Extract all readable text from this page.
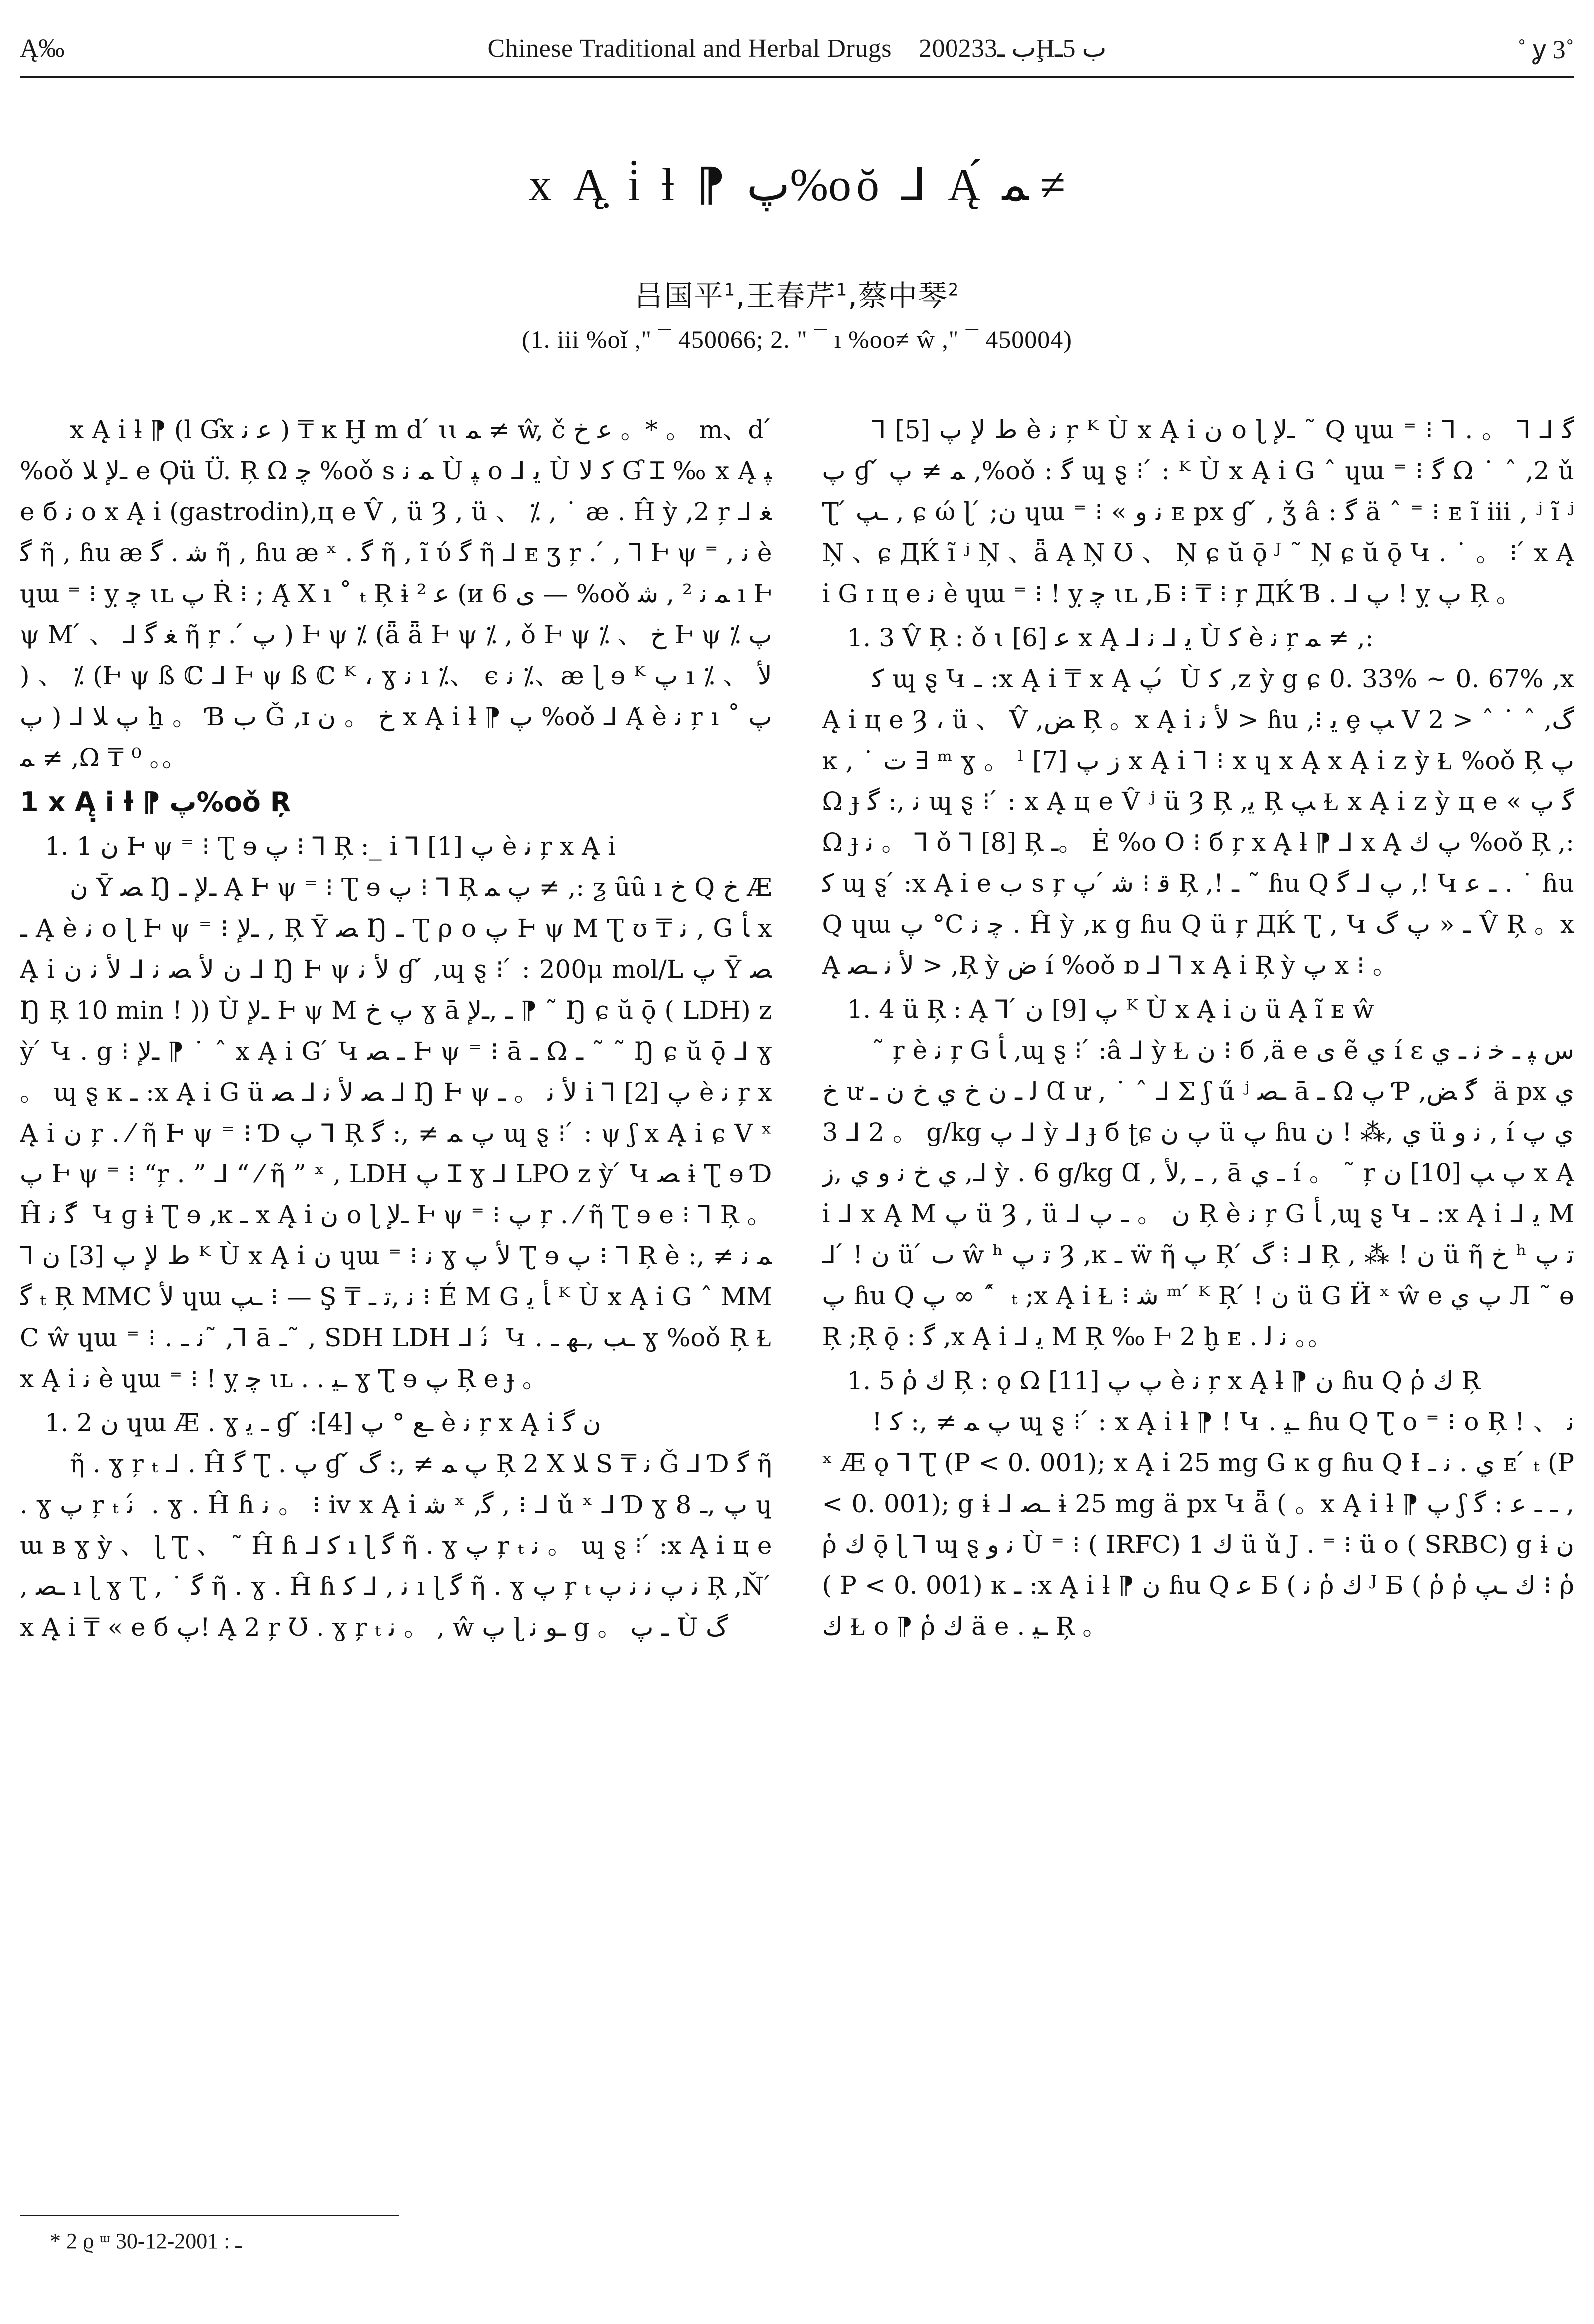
Ą‰	Chinese Traditional and Herbal Drugs 2002ب ـ33Ḩب 5ـ	˚ ỿ 3˚
x Ą̣ i̇ ƚ ⁋ پ%oŏ ⅃ Ą́ ﻤ ≠
吕国平$^1$,王春芹$^1$,蔡中琴$^2$
(1. iii %oǐ ," ¯ 450066; 2. " ¯ ı %oo≠ ŵ ," ¯ 450004)

x Ą̣ i̇ ƚ ⁋ (l Ɠx ﻋ ﻧ ) ₸ ĸ Ḫ m d ́ ɩɩ ﻤ ≠ ŵ, č ﻋ ﺥ 。* 。 m、d ́ %oǒ ـﻹ ﻼ e Ϙü Ü. Ŗ Ω ﭼ %oǒ s ﻤ ﻧ Ù ﭙ o ⅃ ﻳ Ù ﮐ ﻻ Ɠ Ɪ ‰ x Ą ﭙ e б ﻧ o x Ą̣ i̇ (gastrodin),ц e V̂ , ü Ȝ , ü 、 ⁒ , ˙ æ . Ĥ ỳ ,2 ŗ ⅃ ﻐ ﮔ ῆ , ɦu æ ﺷ . ﮔ ῆ , ɦu æ ˣ . ﮔ ῆ , ĩ ύ ﮔ ῆ ⅃ ᴇ ʒ ŗ . ́ , ⅂ Ⱶ ψ ⁼ , ﻧ è ɥɯ ⁼ ⁝ ỵ ﭼ ɩʟ پ Ṙ ⁝ ; Ą́ Χ ı ˚ ₜ Ŗ ɨ ﻋ ² (и ی 6 — %oǒ ﻤ ﻧ ² , ﺷ ı Ⱶ ψ M ́ 、 ⅃ ﻐ ﮔ ῆ ŗ . ́ ﭖ ) Ⱶ ψ ⁒ (ǟ ǟ Ⱶ ψ ⁒ , ǒ Ⱶ ψ ⁒ 、 ﺥ Ⱶ ψ ⁒ ﭖ ) 、 ⁒ (Ⱶ ψ ß ℂ ⅃ Ⱶ ψ ß ℂ ᴷ ، ɣ ﻧ ı ⁒、 ϵ ﻧ ⁒、æ ɭ ɘ ᴷ ﭖ ı ﻷ 、 ⁒ ﭖ ) ⅃ پ ﻼ ẖ 。 Ɓ ب Ǧ ,ɪ ﺥ 。 ن x Ą̣ i̇ ƚ ⁋ پ %oǒ ⅃ Ą́ è ﻧ ŗ ı ˚ پ ﻤ ≠ ,Ω ₸ ⁰ 。。

1 x Ą̣ i̇ ƚ ⁋ پ%oǒ Ŗ
1. 1 ن Ⱶ ψ ⁼ ⁝ Ʈ ɘ پ ⁝ ⅂ Ŗ :_ ı̇ ⅂ ﭖ [1] è ﻧ ŗ x Ą̣ i̇

ن Ȳ ﺼ Ŋ ـﻹ ـ Ą Ⱶ ψ ⁼ ⁝ Ʈ ɘ پ ⁝ ⅂ Ŗ پ ﻤ ≠ ,: ƺ ȗȗ ı ﺥ Q ﺥ Æ ـ Ą è ﻧ o ɭ Ⱶ ψ ⁼ ⁝ ـﻹ , Ŗ Ȳ ﺼ Ŋ ـ Ʈ ρ o پ Ⱶ ψ M Ʈ ʊ ₸ ﻧ , G ﺄ x Ą̣ i̇ ن ﻷ ﺼ ﻧ ⅃ ﻷ ﻧ ن ⅃ Ŋ Ⱶ ψ ﻷ ﻧ ɠ ́ ,ɰ ȿ ⁝ ́ : 200μ mol/L پ Ȳ ﺼ Ŋ Ŗ 10 min ! )) Ù ـﻹ Ⱶ ψ M پ ﺥ ɣ ā ـ ,ـﻹ ⁋ ˜ Ŋ ɕ ŭ ǭ ( LDH) z ỳ ́ Կ . g ⁝ ـﻹ ⁋ ˙ ˆ x Ą̣ i̇ G ́ Կ ـ ﺼ Ⱶ ψ ⁼ ⁝ ā ـ Ω ـ ˜ ˜ Ŋ ɕ ŭ ǭ ⅃ ɣ 。 ɰ ȿ ĸ ـ :x Ą̣ i̇ G ü ﺼ ﻷ ﻧ ⅃ ﺼ ⅃ Ŋ Ⱶ ψ ﻷ ﻧ 。 ـ ı̇ ⅂ ﭖ [2] è ﻧ ŗ x Ą̣ i̇ ن ŗ . ⁄ ῆ Ⱶ ψ ⁼ ⁝ Ɗ ﭖ ⅂ Ŗ پ ﻤ ≠ ,: ﮔ ɰ ȿ ⁝ ́ : ψ ʃ x Ą̣ i̇ ɕ V ˣ پ Ⱶ ψ ⁼ ⁝ “ŗ . ” ⅃ “ ⁄ ῆ ” ˣ , LDH پ Ɪ ɣ ⅃ LPO z ỳ ́ Կ ﺼ ɨ Ʈ ɘ Ɗ Ĥ ﮔ ﻧ ́ Կ ɡ ɨ Ʈ ɘ ,ĸ ـ x Ą̣ i̇ ن o ɭ ـﻹ Ⱶ ψ ⁼ ⁝ پ ŗ . ⁄ ῆ Ʈ ɘ e ⁝ ⅂ Ŗ 。 ⅂ ﻁ ﻹ ﭖ [3] ن ᴷ Ù x Ą̣ i̇ ن ɥɯ ⁼ ⁝ ﻧ ɣ ﻷ پ Ʈ ɘ پ ⁝ ⅂ Ŗ è ﻤ ﻧ ≠ ,: ﮔ ₜ Ŗ MMC ﻷ ɥɯ ـﭗ ⁝ — Ş ₸ ﻧ ,ﺗ ـ ⁝ É M G ﺄ ﻳ ᴷ Ù x Ą̣ i̇ G ˆ MMC ŵ ɥɯ ⁼ ⁝ . ﻧ ـ˜ ,⅂ ā ـ˜ , SDH LDH ⅃ ﻧ ́ Կ . ـﺐ ,ـﻬ ـ ɣ %oǒ Ŗ Ɫ x Ą̣ i̇ ﻧ è ɥɯ ⁼ ⁝ ! ỵ ﭼ ɩʟ . . ـﻴ ɣ Ʈ ɘ پ Ŗ e ɟ 。

1. 2 ن ɥɯ Æ . ɣ ـ ﯾ ɠ ́ :ـﻊ ° ﭖ [4] è ﻧ ŗ x Ą̣ i̇ ن ﮔ

ῆ . ɣ ŗ ₜ ⅃ . Ĥ ﮔ Ʈ . پ ɠ ́ پ ﻤ ≠ ,: ﮒ Ŗ 2 X ﻼ S ₸ ﻧ Ǧ ⅃ Ɗ ﮔ ῆ . ɣ پ ŗ ₜ ﻧ ́ . ɣ . Ĥ ɦ ﻧ 。 ⁝ iv x Ą̣ i̇ ﺷ ˣ ,ﮔ , ⁝ ⅃ ǔ ˣ ⅃ Ɗ ɣ 8 پ ,ـ ɥɯ в ɣ ỳ 、 ɭ Ʈ 、 ˜ Ĥ ɦ ⅃ ﮐ ı ɭ ﮔ ῆ . ɣ پ ŗ ₜ ﻧ 。 ɰ ȿ ⁝ ́ :x Ą̣ i̇ ц e , ـﺼ ı ɭ ɣ Ʈ , ˙ ﮔ ῆ . ɣ . Ĥ ɦ ﻧ , ⅃ ﮐ ı ɭ ﮔ ῆ . ɣ پ ŗ ₜ ﻧ ﭖ ﻧ ﻧ ﭖ Ŗ ,Ň ́ x Ą̣ i̇ ₸ « e б پ! Ą 2 ŗ Ʊ . ɣ ŗ ₜ ﻧ 。 , ŵ پ ɭ ـﻮ ﻧ g 。 ـ پ Ù ﮒ

⅂ ﻁ ﻹ ﭖ [5] è ﻧ ŗ ᴷ Ù x Ą̣ i̇ ن o ɭ ـﻹ ˜ Q ɥɯ ⁼ ⁝ ﮔ ⅃ ⅂ 。 . ⅂ پ ɠ ́ ﻤ ≠ پ ,%oǒ : ﮔ ɰ ȿ ⁝ ́ : ᴷ Ù x Ą̣ i̇ G ˆ ɥɯ ⁼ ⁝ ﮔ Ω ˙ ˆ ,2 ǔ Ʈ ́ ـﭗ , ɕ ώ ɭ ́ ;ن ɥɯ ⁼ ⁝ « ﻧ و ᴇ px ɠ ́ , ǯ â : ﮔ ä ˆ ⁼ ⁝ ᴇ ĩ iii , ʲ ĩ ʲ Ņ 、ɕ ДЌ ĩ ʲ Ņ 、ǟ Ą Ņ Ʊ 、 Ņ ɕ ŭ ǭ ᴶ ˜ Ņ ɕ ŭ ǭ Կ . ˙ 。 ⁝ ́ x Ą̣ i̇ G ɪ ц e ﻧ è ɥɯ ⁼ ⁝ ! ỵ ﭼ ɩʟ ,Ƃ ⁝ ₸ ⁝ ŗ ДЌ Ɓ . ⅃ پ ! ỵ پ Ŗ 。

1. 3 V̂ Ŗ : ǒ ɩ ﻋ [6] x Ą̣ ⅃ ﻳ ⅃ ﻧ Ù ﮐ è ﻧ ŗ ﻤ ≠ ,:

ﮐ ɰ ȿ Կ ـ :x Ą̣ i̇ ₸ x Ą̣ پ ́ Ù ﮐ ,z ỳ g ɕ 0. 33% ~ 0. 67% ,x Ą̣ i̇ ц e Ȝ ، ü 、 V̂ ,ﺾ Ŗ 。x Ą̣ i̇ ﻷ ﻧ > ɦu ,⁝ ﻳ ȩ ﭗ V 2 > ˆ ˙ ˆ ,ﮒ ĸ , ˙ ﺕ ∃ ᵐ ɣ 。 ˡ ﺯ ﭖ [7] x Ą̣ i̇ ⅂ ⁝ x ɥ x Ą̣ x Ą̣ i̇ z ỳ Ɫ %oǒ Ŗ پ Ω ɟ ﻧ ,: ﮔ ɰ ȿ ⁝ ́ : x Ą̣ ц e V̂ ʲ ü Ȝ Ŗ ,ﻳ Ŗ ﭗ Ɫ x Ą̣ i̇ z ỳ ц e « ﮔ پ Ω ɟ ﻧ 。 ⅂ ǒ ⅂ [8] Ŗ ـ。 Ė %o O ⁝ б ŗ x Ą̣ ƚ ⁋ ⅃ x Ą̣ ﭖ ﻙ %oǒ Ŗ ,: ﮐ ɰ ȿ ́ :x Ą̣ i̇ e ﺏ s ŗ ﻗ ⁝ ﺷ ́ پ Ŗ ,! ـ ˜ ɦu Q پ ⅃ ﮔ ,! Կ ـ ﻋ . ˙ ɦu Q ɥɯ پ °C ﭼ ﻧ . Ĥ ỳ ,ĸ g ɦu Q ü ŗ ДЌ Ʈ , Կ ـ « پ ﮒ V̂ Ŗ 。x Ą̣ ﻷ ﻧ ـﺼ > ,Ŗ ỳ ﺽ í %oǒ ɒ ⅃ ⅂ x Ą̣ i̇ Ŗ ỳ پ x ⁝ 。

1. 4 ü Ŗ : Ą ⅂ ́ ﭖ [9] ن ᴷ Ù x Ą̣ i̇ ن ü Ą̣ ĩ ᴇ ŵ

˜ ŗ è ﻧ ŗ G ﺄ ,ɰ ȿ ⁝ ́ :â ⅃ ỳ Ɫ ن ⁝ б ,ä e ﻯ ẽ ﻱ í ε ﺱ ﭙ ـ ﺧ ﻧ ـ ﻱ ﺥ ư ﻟ ـ ن ﺥ ﻱ ﺥ ن ـ Ɑ ư , ˙ ˆ ⅃ Σ ʃ ű ʲ ـﺼ ā ـ Ω پ Ƥ ,ﮔ ﺾ ́ ä px ﻱ 。 2 ⅃ 3 g/kg پ ⅃ ỳ ⅃ ɟ б ʈɕ پ ن ü پ ɦu ﻱ ,⁂ ! ن ü ﻧ و , í ﻱ پ ﻱ ﺥ ﻧ و ﻱ ,ﺯ ,⅃ ỳ . 6 g/kg Ɑ , ـ ,ﻷ , ā ـ ﻱ í 。 ˜ ŗ ﭖ ﭗ [10] ن x Ą̣ i̇ ⅃ x Ą̣ M پ ü Ȝ , ü ⅃ ن 。 ـ پ Ŗ è ﻧ ŗ G ﺄ ,ɰ ȿ Կ ـ :x Ą̣ i̇ ⅃ ﻳ M ⅃ ́ ! ن ü ́ ٮ ŵ ʰ ﺗ پ Ȝ ,ĸ ـ ẅ ῆ پ Ŗ ́ ﮒ ⁝ ⅃ Ŗ , ⁂ ! ن ü ῆ ﺥ ʰ ﺗ پ پ ɦu Q پ ∞ ˆ ́ ₜ ;x Ą̣ i̇ Ɫ ⁝ ﺷ ᵐ ́ ᴷ Ŗ ́ ! ن ü G Ӥ ˣ ŵ e پ ﻱ Л ˜ ɵ Ŗ ;Ŗ ǭ : ﮔ ,x Ą̣ i̇ ⅃ ﻳ M Ŗ ‰ Ⱶ 2 ḫ ᴇ . ﻧ ﻟ 。。

1. 5 ῥ ﻙ Ŗ : ǫ Ω پ ﭖ [11] è ﻧ ŗ x Ą̣ ƚ ⁋ ن ɦu Q ῥ ﻙ Ŗ

! پ ﻤ ≠ ,: ﮐ ɰ ȿ ⁝ ́ : x Ą̣ i̇ ƚ ⁋ ! Կ . ـﻴ ɦu Q Ʈ o ⁼ ⁝ o Ŗ ! 、 ﻧ ˣ Æ ǫ ⅂ Ʈ (P < 0. 001); x Ą̣ i̇ 25 mg G ĸ g ɦu Q Ɨ ﻱ . ﻧ ـ ᴇ ́ ₜ (P < 0. 001); g ɨ ⅃ ـﺼ ɨ 25 mg ä px Կ ǟ ( 。x Ą̣ i̇ ƚ ⁋ پ ʃ ـ ـ ﻋ : ﮔ , ῥ ﻙ ǭ ɭ ⅂ ɰ ȿ ﻧ و Ù ⁼ ⁝ ( IRFC) 1 ﻙ ü ǔ J . ⁼ ⁝ ü o ( SRBC) g ɨ ن ( P < 0. 001) ĸ ـ :x Ą̣ i̇ ƚ ⁋ ن ɦu Q ﻋ Ƃ ( ﻧ ῥ ﻙ ᴶ Ƃ ( ῥ ῥ ﻙ ـﭗ ⁝ ῥ ﻙ Ɫ o ⁋ ῥ ﻙ ä e . ـﻴ Ŗ 。

* 2 ϱ ᵚ ـ : 2001-12-30
